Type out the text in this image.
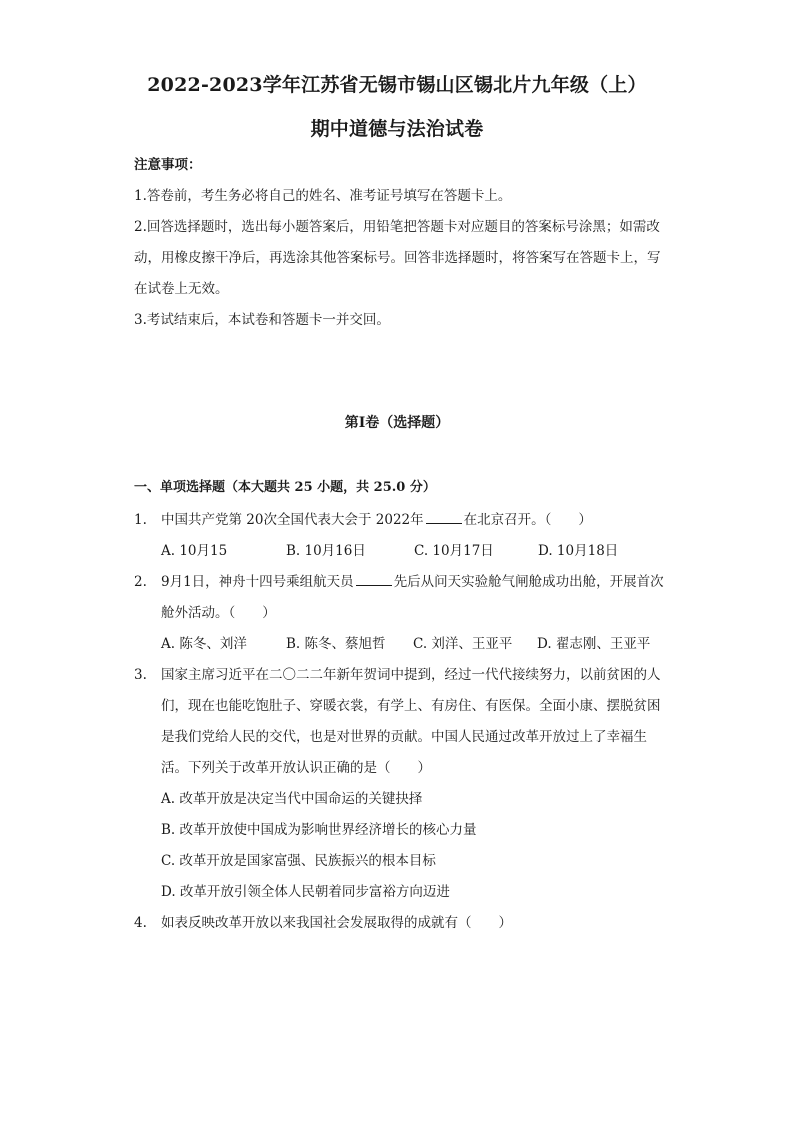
2022-2023学年江苏省无锡市锡山区锡北片九年级（上）
期中道德与法治试卷

注意事项：

1.答卷前，考生务必将自己的姓名、准考证号填写在答题卡上。

2.回答选择题时，选出每小题答案后，用铅笔把答题卡对应题目的答案标号涂黑；如需改动，用橡皮擦干净后，再选涂其他答案标号。回答非选择题时，将答案写在答题卡上，写在试卷上无效。

3.考试结束后，本试卷和答题卡一并交回。

第I卷（选择题）
一、单项选择题（本大题共 25 小题，共 25.0 分）
1. 中国共产党第 20次全国代表大会于 2022年	在北京召开。（　　）
A. 10月15	B. 10月16日	C. 10月17日	D. 10月18日
2. 9月1日，神舟十四号乘组航天员	先后从问天实验舱气闸舱成功出舱，开展首次舱外活动。（　　）
A. 陈冬、刘洋	B. 陈冬、蔡旭哲	C. 刘洋、王亚平	D. 翟志刚、王亚平
3. 国家主席习近平在二〇二二年新年贺词中提到，经过一代代接续努力，以前贫困的人们，现在也能吃饱肚子、穿暖衣裳，有学上、有房住、有医保。全面小康、摆脱贫困是我们党给人民的交代，也是对世界的贡献。中国人民通过改革开放过上了幸福生活。下列关于改革开放认识正确的是（　　）
A. 改革开放是决定当代中国命运的关键抉择
B. 改革开放使中国成为影响世界经济增长的核心力量
C. 改革开放是国家富强、民族振兴的根本目标
D. 改革开放引领全体人民朝着同步富裕方向迈进
4. 如表反映改革开放以来我国社会发展取得的成就有（　　）
